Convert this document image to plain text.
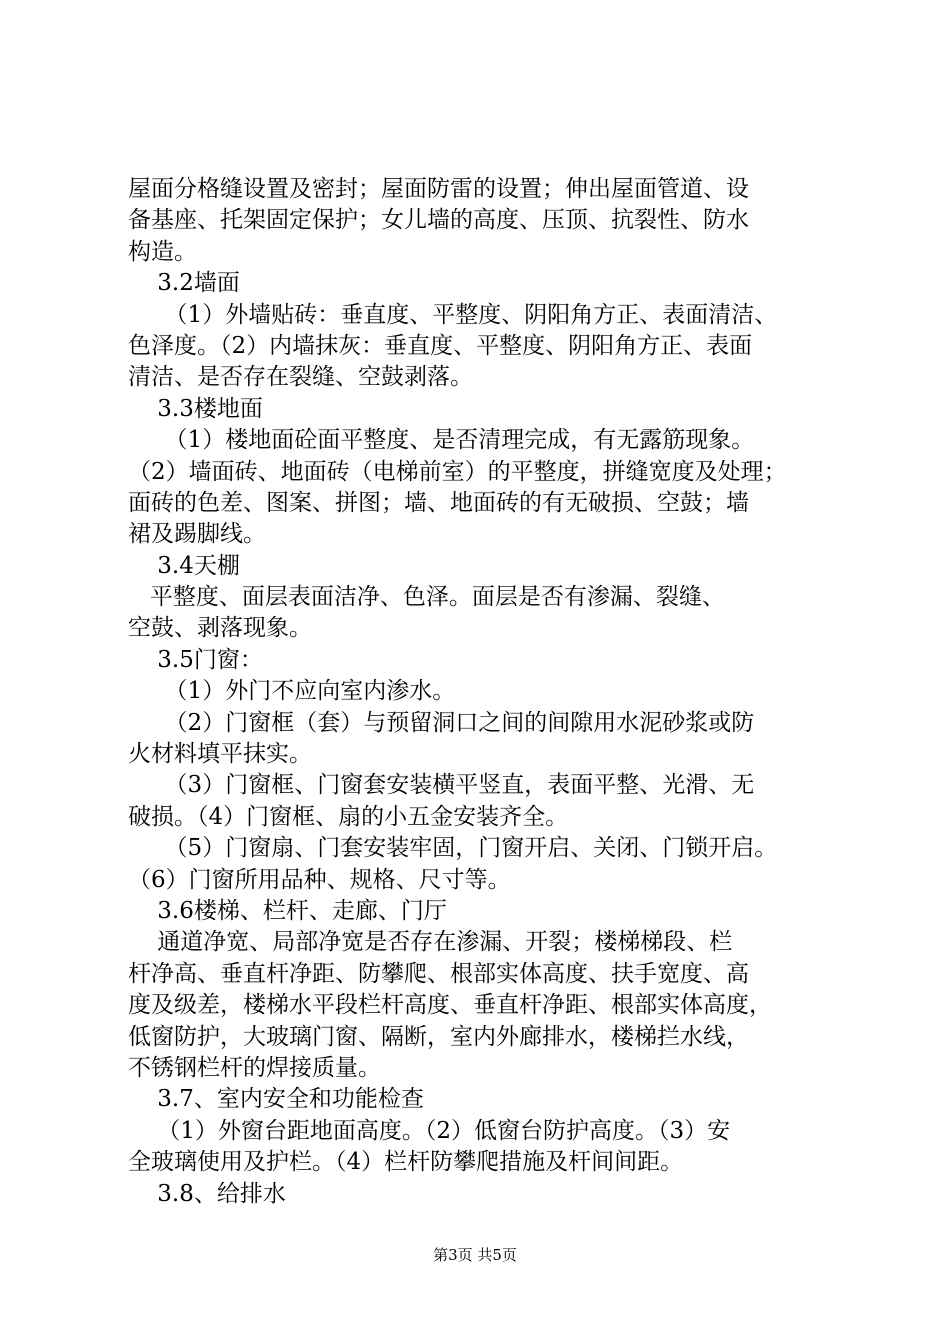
屋面分格缝设置及密封；屋面防雷的设置；伸出屋面管道、设
备基座、托架固定保护；女儿墙的高度、压顶、抗裂性、防水
构造。
3.2墙面
（1）外墙贴砖：垂直度、平整度、阴阳角方正、表面清洁、
色泽度。（2）内墙抹灰：垂直度、平整度、阴阳角方正、表面
清洁、是否存在裂缝、空鼓剥落。
3.3楼地面
（1）楼地面砼面平整度、是否清理完成，有无露筋现象。
（2）墙面砖、地面砖（电梯前室）的平整度，拼缝宽度及处理；
面砖的色差、图案、拼图；墙、地面砖的有无破损、空鼓；墙
裙及踢脚线。
3.4天棚
平整度、面层表面洁净、色泽。面层是否有渗漏、裂缝、
空鼓、剥落现象。
3.5门窗：
（1）外门不应向室内渗水。
（2）门窗框（套）与预留洞口之间的间隙用水泥砂浆或防
火材料填平抹实。
（3）门窗框、门窗套安装横平竖直，表面平整、光滑、无
破损。（4）门窗框、扇的小五金安装齐全。
（5）门窗扇、门套安装牢固，门窗开启、关闭、门锁开启。
（6）门窗所用品种、规格、尺寸等。
3.6楼梯、栏杆、走廊、门厅
通道净宽、局部净宽是否存在渗漏、开裂；楼梯梯段、栏
杆净高、垂直杆净距、防攀爬、根部实体高度、扶手宽度、高
度及级差，楼梯水平段栏杆高度、垂直杆净距、根部实体高度，
低窗防护，大玻璃门窗、隔断，室内外廊排水，楼梯拦水线，
不锈钢栏杆的焊接质量。
3.7、室内安全和功能检查
（1）外窗台距地面高度。（2）低窗台防护高度。（3）安
全玻璃使用及护栏。（4）栏杆防攀爬措施及杆间间距。
3.8、给排水
第3页 共5页
